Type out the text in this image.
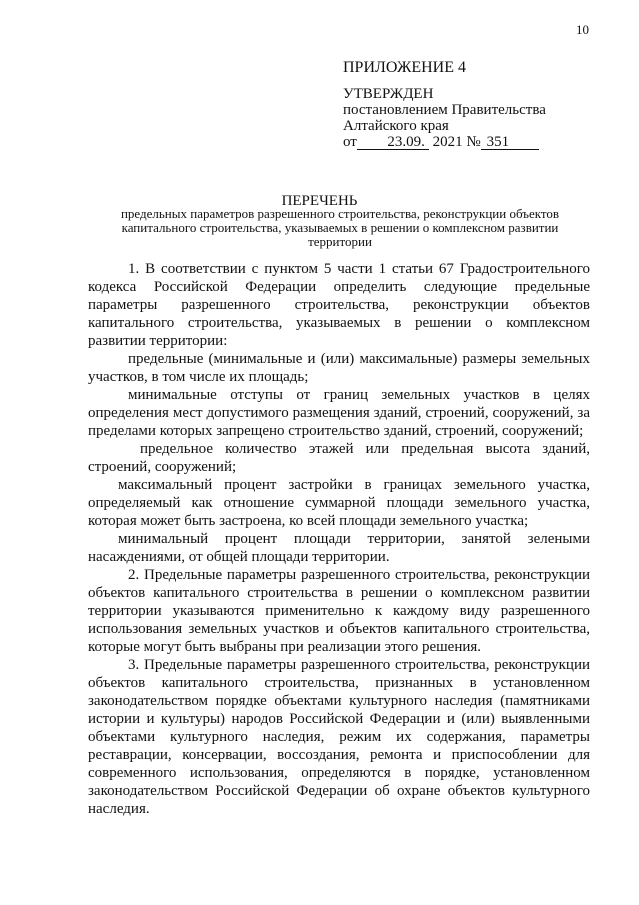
10
ПРИЛОЖЕНИЕ 4
УТВЕРЖДЕН
постановлением Правительства
Алтайского края
от 23.09. 2021 № 351
ПЕРЕЧЕНЬ
предельных параметров разрешенного строительства, реконструкции объектов капитального строительства, указываемых в решении о комплексном развитии территории

1. В соответствии с пунктом 5 части 1 статьи 67 Градостроительного кодекса Российской Федерации определить следующие предельные параметры разрешенного строительства, реконструкции объектов капитального строительства, указываемых в решении о комплексном развитии территории:

предельные (минимальные и (или) максимальные) размеры земельных участков, в том числе их площадь;

минимальные отступы от границ земельных участков в целях определения мест допустимого размещения зданий, строений, сооружений, за пределами которых запрещено строительство зданий, строений, сооружений;

предельное количество этажей или предельная высота зданий, строений, сооружений;

максимальный процент застройки в границах земельного участка, определяемый как отношение суммарной площади земельного участка, которая может быть застроена, ко всей площади земельного участка;

минимальный процент площади территории, занятой зелеными насаждениями, от общей площади территории.

2. Предельные параметры разрешенного строительства, реконструкции объектов капитального строительства в решении о комплексном развитии территории указываются применительно к каждому виду разрешенного использования земельных участков и объектов капитального строительства, которые могут быть выбраны при реализации этого решения.

3. Предельные параметры разрешенного строительства, реконструкции объектов капитального строительства, признанных в установленном законодательством порядке объектами культурного наследия (памятниками истории и культуры) народов Российской Федерации и (или) выявленными объектами культурного наследия, режим их содержания, параметры реставрации, консервации, воссоздания, ремонта и приспособлении для современного использования, определяются в порядке, установленном законодательством Российской Федерации об охране объектов культурного наследия.
